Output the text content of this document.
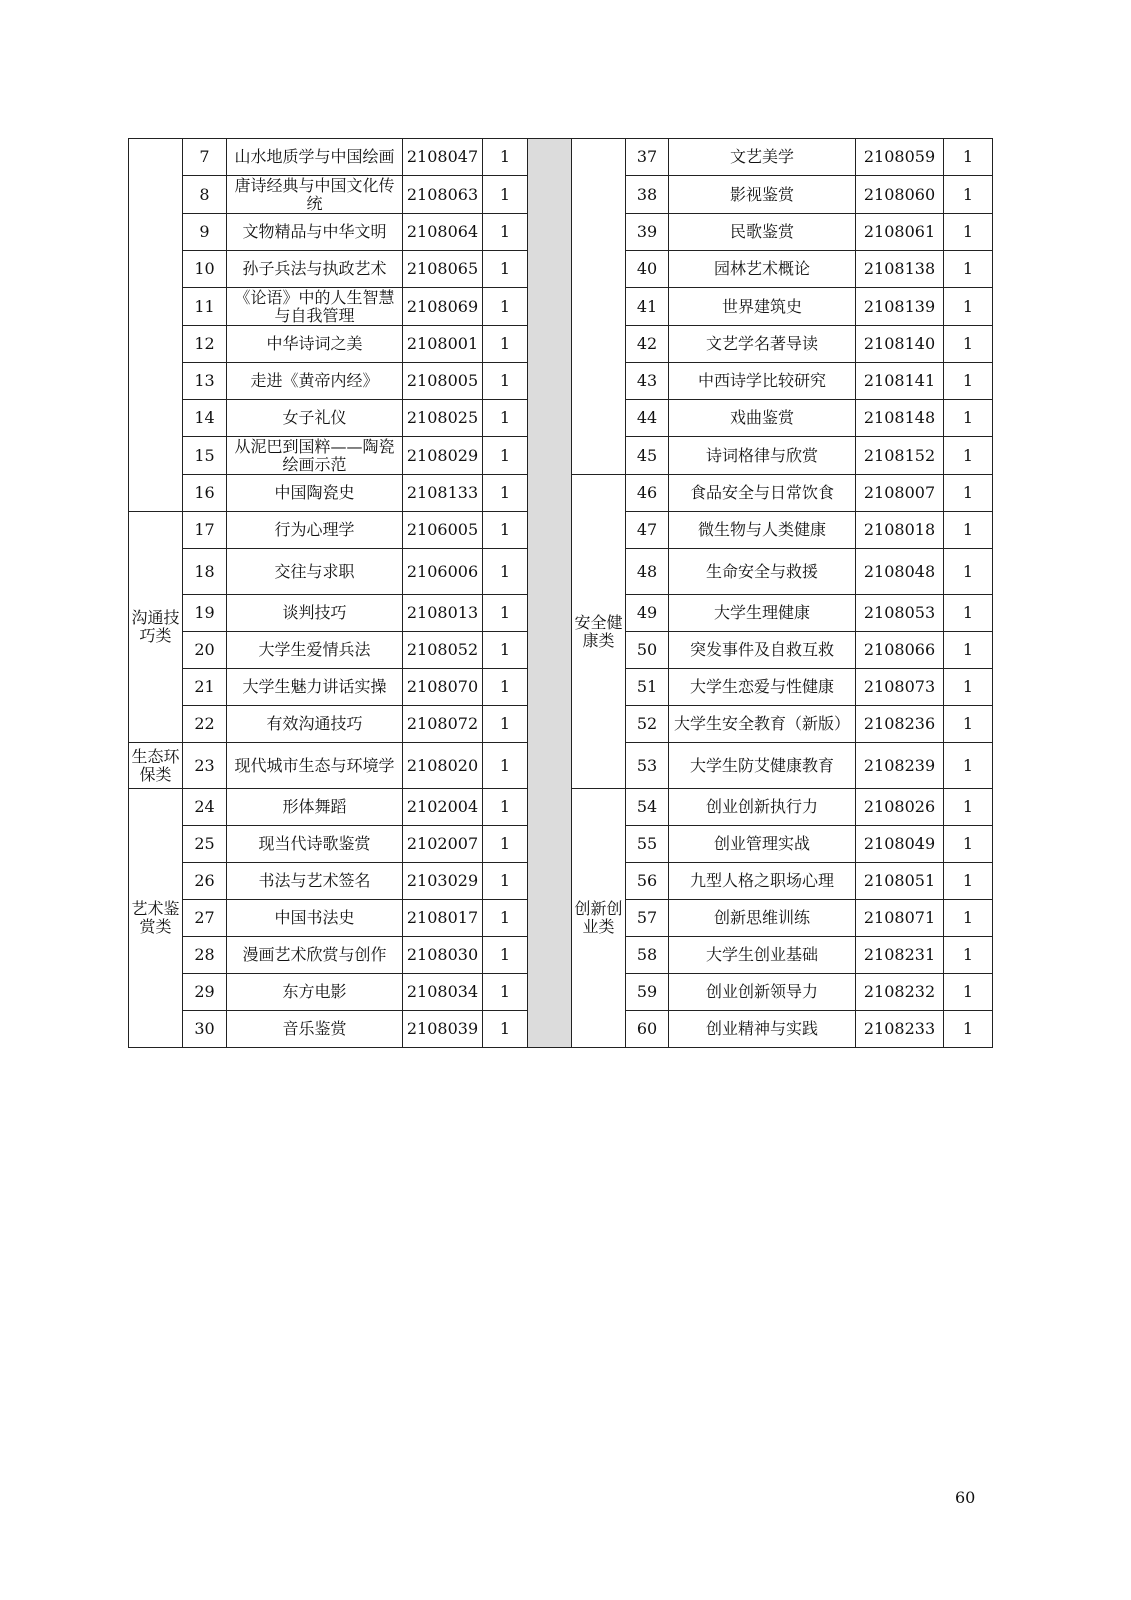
	7	山水地质学与中国绘画	2108047	1			37	文艺美学	2108059	1
	8	唐诗经典与中国文化传统	2108063	1			38	影视鉴赏	2108060	1
	9	文物精品与中华文明	2108064	1			39	民歌鉴赏	2108061	1
	10	孙子兵法与执政艺术	2108065	1			40	园林艺术概论	2108138	1
	11	《论语》中的人生智慧与自我管理	2108069	1			41	世界建筑史	2108139	1
	12	中华诗词之美	2108001	1			42	文艺学名著导读	2108140	1
	13	走进《黄帝内经》	2108005	1			43	中西诗学比较研究	2108141	1
	14	女子礼仪	2108025	1			44	戏曲鉴赏	2108148	1
	15	从泥巴到国粹——陶瓷绘画示范	2108029	1			45	诗词格律与欣赏	2108152	1
	16	中国陶瓷史	2108133	1		安全健康类	46	食品安全与日常饮食	2108007	1
沟通技巧类	17	行为心理学	2106005	1			47	微生物与人类健康	2108018	1
	18	交往与求职	2106006	1			48	生命安全与救援	2108048	1
	19	谈判技巧	2108013	1			49	大学生理健康	2108053	1
	20	大学生爱情兵法	2108052	1			50	突发事件及自救互救	2108066	1
	21	大学生魅力讲话实操	2108070	1			51	大学生恋爱与性健康	2108073	1
	22	有效沟通技巧	2108072	1			52	大学生安全教育（新版）	2108236	1
生态环保类	23	现代城市生态与环境学	2108020	1			53	大学生防艾健康教育	2108239	1
艺术鉴赏类	24	形体舞蹈	2102004	1		创新创业类	54	创业创新执行力	2108026	1
	25	现当代诗歌鉴赏	2102007	1			55	创业管理实战	2108049	1
	26	书法与艺术签名	2103029	1			56	九型人格之职场心理	2108051	1
	27	中国书法史	2108017	1			57	创新思维训练	2108071	1
	28	漫画艺术欣赏与创作	2108030	1			58	大学生创业基础	2108231	1
	29	东方电影	2108034	1			59	创业创新领导力	2108232	1
	30	音乐鉴赏	2108039	1			60	创业精神与实践	2108233	1
60
